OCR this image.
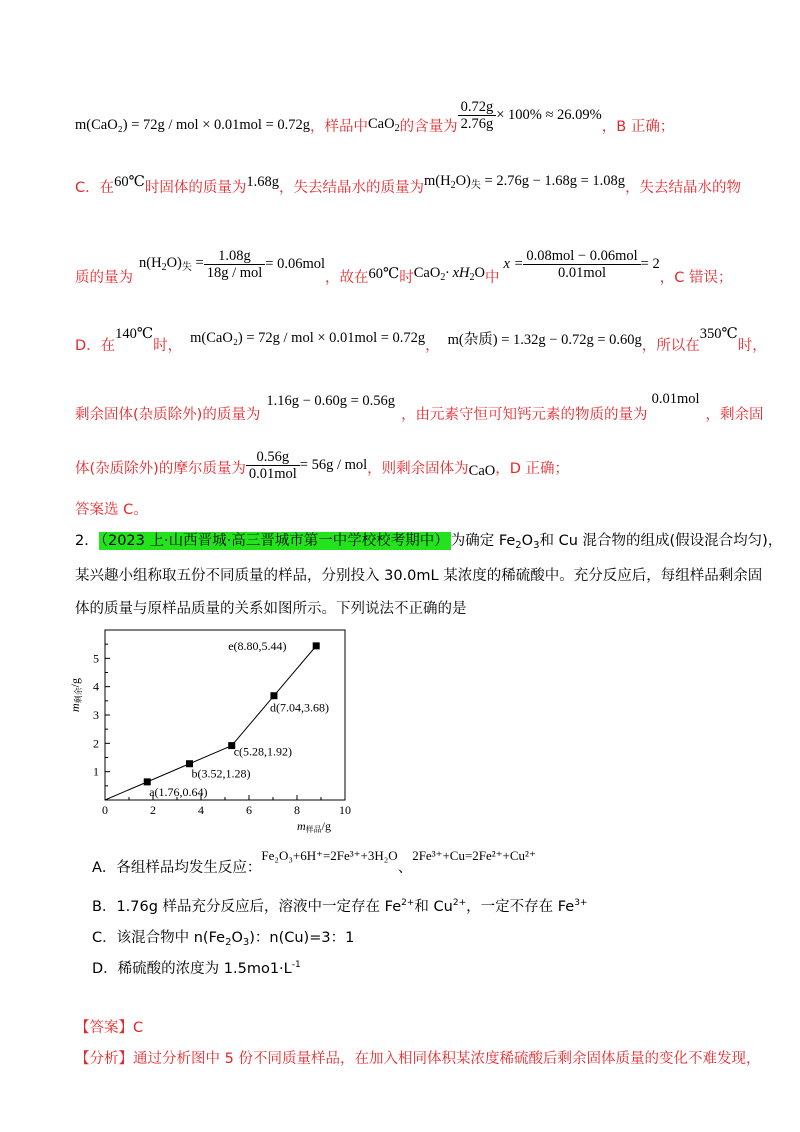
m(CaO₂) = 72g / mol × 0.01mol = 0.72g ，样品中 CaO$_2$ 的含量为 $\frac{0.72g}{2.76g} \times 100\% \approx 26.09\%$
，B 正确；
C．在 60℃ 时固体的质量为 1.68g ，失去结晶水的质量为 $m(H_2O)_失 = 2.76g - 1.68g = 1.08g$ ，失去结晶水的物
质的量为
$n(H_2O)_失 = \frac{1.08g}{\text{18g / mol}} = 0.06mol$
，故在 60℃ 时 $CaO_2\cdot xH_2O$ 中
$x = \frac{\text{0.08mol − 0.06mol}}{\text{0.01mol}} = 2$
，C 错误；
D．在
140℃
时， m(CaO₂) = 72g / mol × 0.01mol = 0.72g ， m(杂质) = 1.32g − 0.72g = 0.60g ，所以在
350℃
时，
剩余固体(杂质除外)的质量为
1.16g − 0.60g = 0.56g
，由元素守恒可知钙元素的物质的量为
0.01mol
，剩余固
体(杂质除外)的摩尔质量为 $\frac{0.56g}{\text{0.01mol}} = 56g$ / mol ，则剩余固体为 CaO ，D 正确；
答案选 C。
2． （2023 上·山西晋城·高三晋城市第一中学校校考期中） 为确定 $Fe_2O_3$和 Cu 混合物的组成(假设混合均匀)，
某兴趣小组称取五份不同质量的样品，分别投入 30.0mL 某浓度的稀硫酸中。充分反应后，每组样品剩余固
体的质量与原样品质量的关系如图所示。下列说法不正确的是
0	2	4	6	8	10
1
2
3
4
5
a(1.76,0.64)
b(3.52,1.28)
c(5.28,1.92)
d(7.04,3.68)
e(8.80,5.44)
m样品/g
m剩余/g
A．各组样品均发生反应：
Fe₂O₃+6H⁺=2Fe³⁺+3H₂O
、
2Fe³⁺+Cu=2Fe²⁺+Cu²⁺
B．1.76g 样品充分反应后，溶液中一定存在 $Fe^{2+}$和 $Cu^{2+}$，一定不存在 $Fe^{3+}$
C．该混合物中 $n(Fe_2O_3)$：n(Cu)=3：1
D．稀硫酸的浓度为 $1.5mo1\cdot L^{-1}$
【答案】C
【分析】通过分析图中 5 份不同质量样品，在加入相同体积某浓度稀硫酸后剩余固体质量的变化不难发现，
